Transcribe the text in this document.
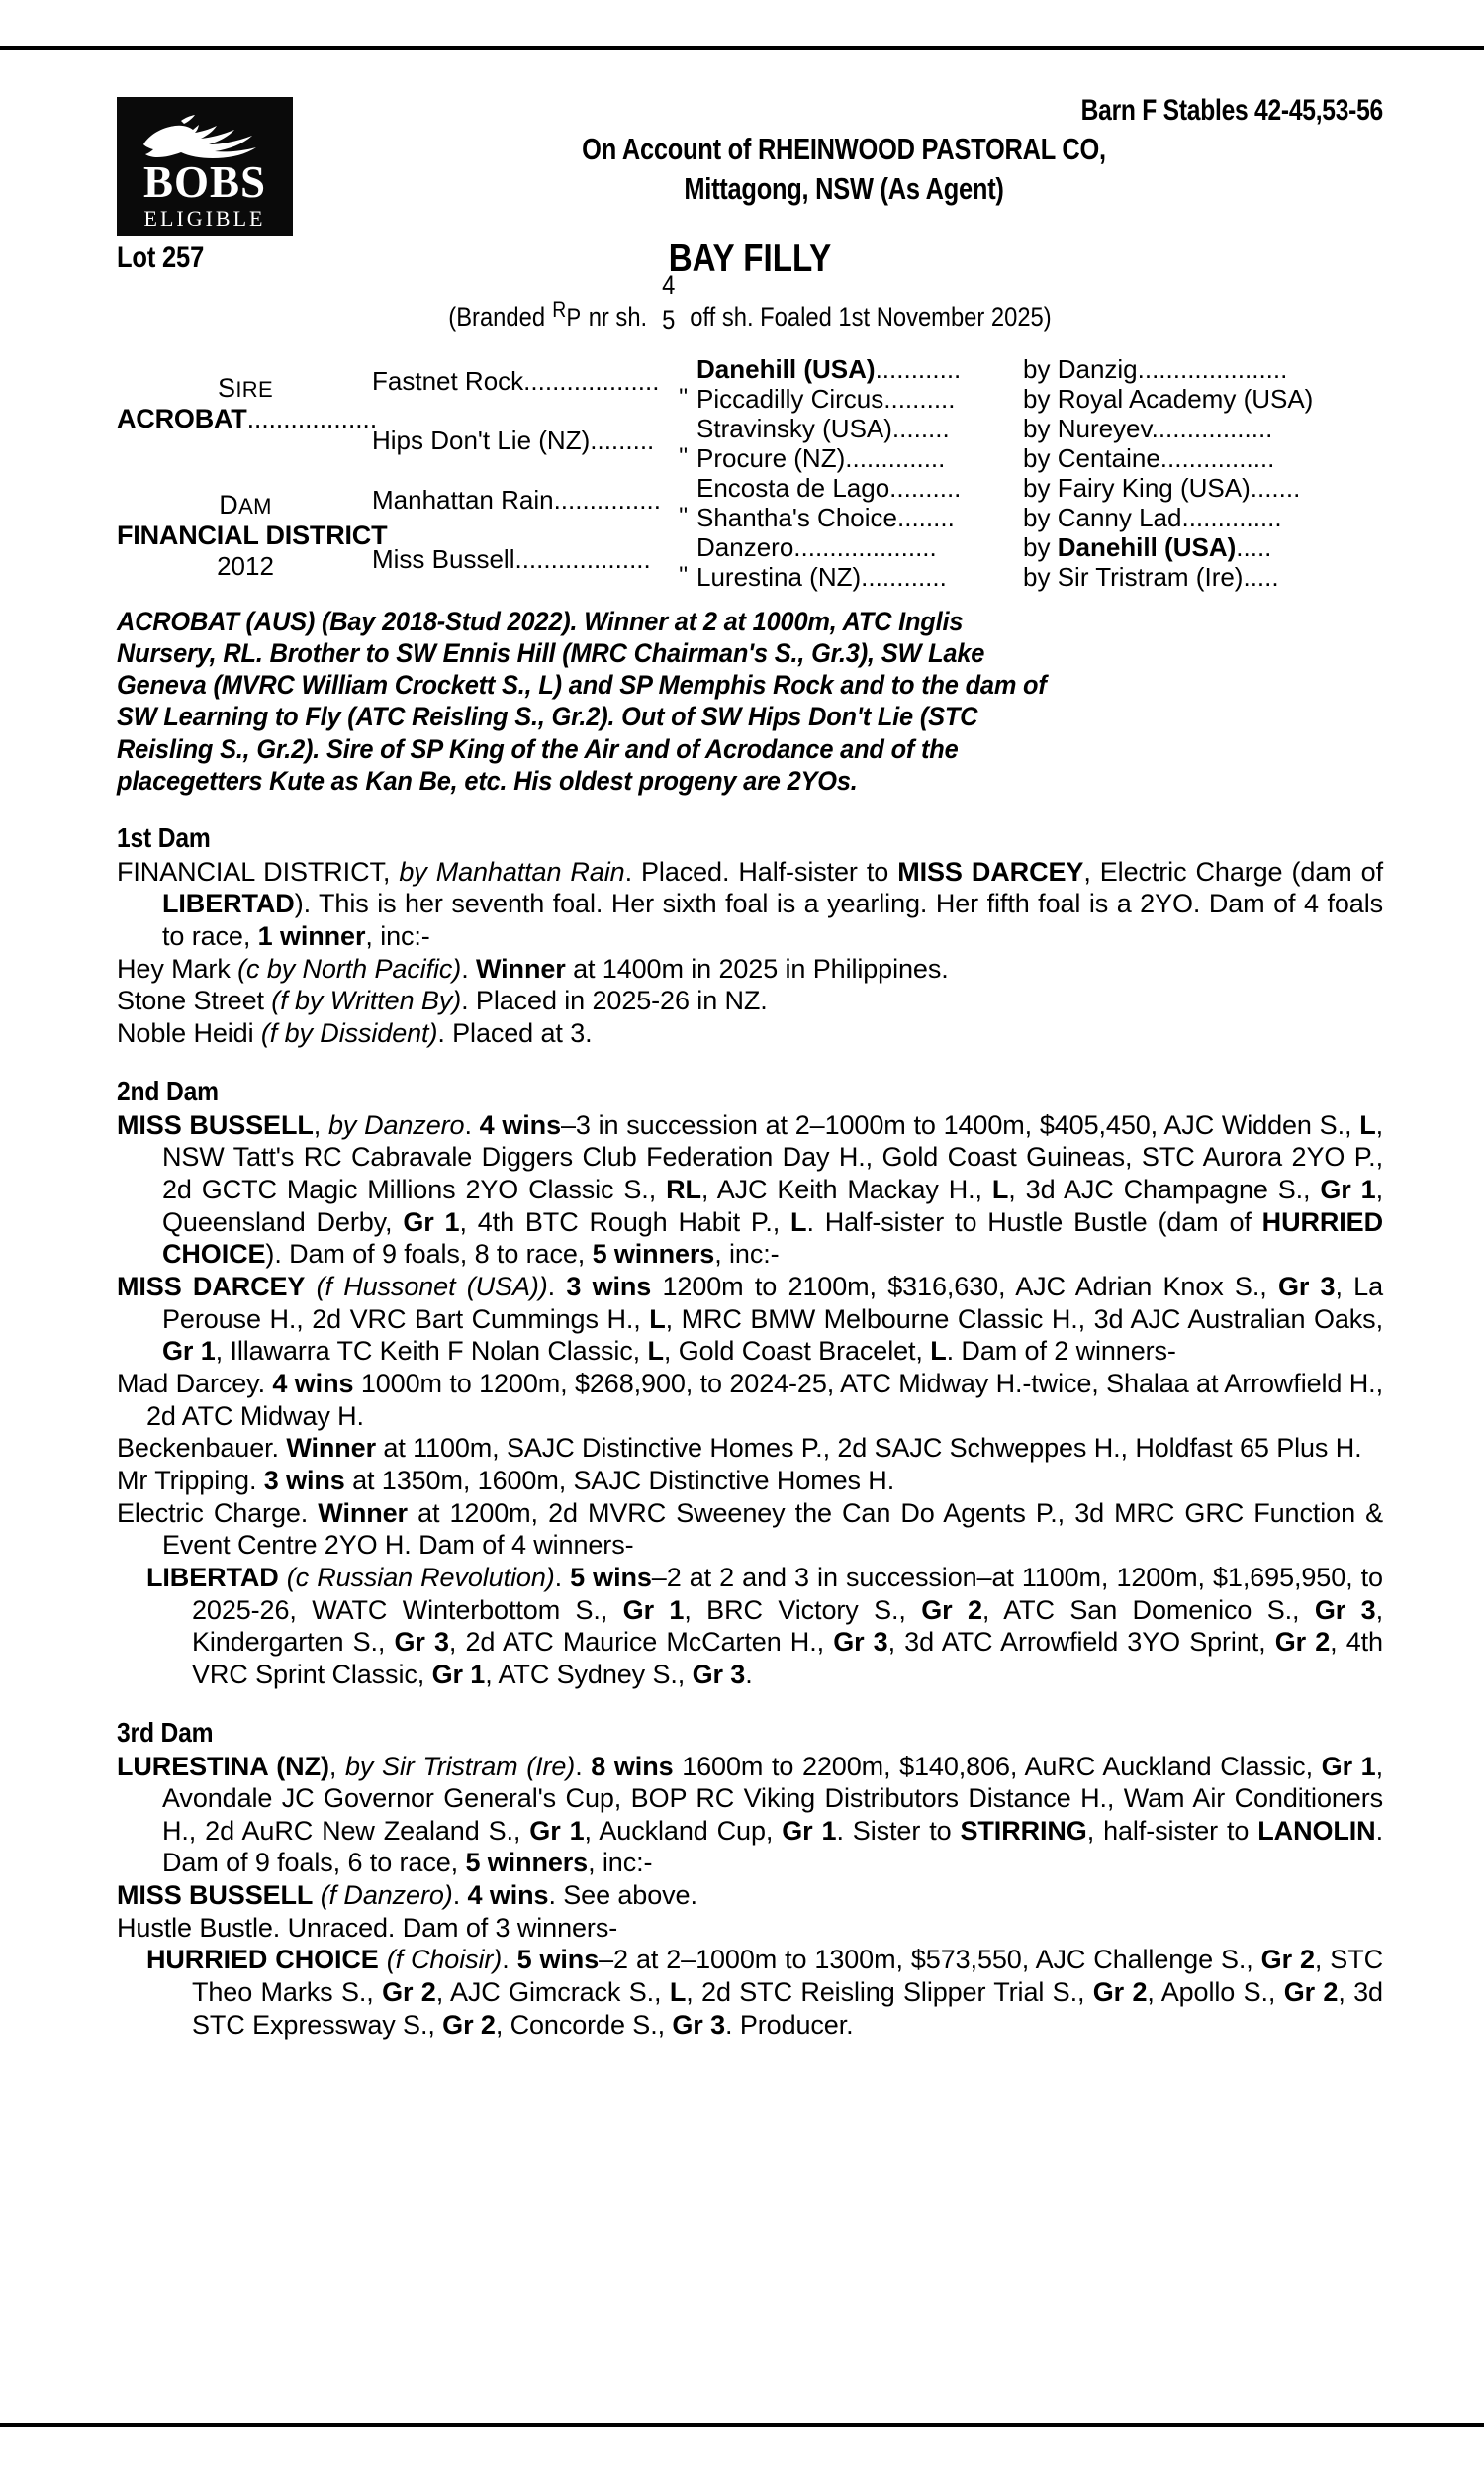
BOBS
ELIGIBLE
Barn F Stables 42-45,53-56
On Account of RHEINWOOD PASTORAL CO,
Mittagong, NSW (As Agent)
Lot 257	BAY FILLY
(Branded ЯP nr sh.
4
5 off sh. Foaled 1st November 2025)
SIRE
ACROBAT..................
DAM
FINANCIAL DISTRICT
2012
Fastnet Rock...................
Hips Don't Lie (NZ).........
Manhattan Rain...............
Miss Bussell...................
Danehill (USA)............
'' Piccadilly Circus..........
Stravinsky (USA)........
'' Procure (NZ)..............
Encosta de Lago..........
'' Shantha's Choice........
Danzero....................
'' Lurestina (NZ)............
by Danzig.....................
by Royal Academy (USA)
by Nureyev.................
by Centaine................
by Fairy King (USA).......
by Canny Lad..............
by Danehill (USA).....
by Sir Tristram (Ire).....
ACROBAT (AUS) (Bay 2018-Stud 2022). Winner at 2 at 1000m, ATC Inglis
Nursery, RL. Brother to SW Ennis Hill (MRC Chairman's S., Gr.3), SW Lake
Geneva (MVRC William Crockett S., L) and SP Memphis Rock and to the dam of
SW Learning to Fly (ATC Reisling S., Gr.2). Out of SW Hips Don't Lie (STC
Reisling S., Gr.2). Sire of SP King of the Air and of Acrodance and of the
placegetters Kute as Kan Be, etc. His oldest progeny are 2YOs.
1st Dam
FINANCIAL DISTRICT, by Manhattan Rain. Placed. Half-sister to MISS DARCEY, Electric Charge (dam of LIBERTAD). This is her seventh foal. Her sixth foal is a yearling. Her fifth foal is a 2YO. Dam of 4 foals to race, 1 winner, inc:-
Hey Mark (c by North Pacific). Winner at 1400m in 2025 in Philippines.
Stone Street (f by Written By). Placed in 2025-26 in NZ.
Noble Heidi (f by Dissident). Placed at 3.
2nd Dam
MISS BUSSELL, by Danzero. 4 wins–3 in succession at 2–1000m to 1400m, $405,450, AJC Widden S., L, NSW Tatt's RC Cabravale Diggers Club Federation Day H., Gold Coast Guineas, STC Aurora 2YO P., 2d GCTC Magic Millions 2YO Classic S., RL, AJC Keith Mackay H., L, 3d AJC Champagne S., Gr 1, Queensland Derby, Gr 1, 4th BTC Rough Habit P., L. Half-sister to Hustle Bustle (dam of HURRIED CHOICE). Dam of 9 foals, 8 to race, 5 winners, inc:-
MISS DARCEY (f Hussonet (USA)). 3 wins 1200m to 2100m, $316,630, AJC Adrian Knox S., Gr 3, La Perouse H., 2d VRC Bart Cummings H., L, MRC BMW Melbourne Classic H., 3d AJC Australian Oaks, Gr 1, Illawarra TC Keith F Nolan Classic, L, Gold Coast Bracelet, L. Dam of 2 winners-
Mad Darcey. 4 wins 1000m to 1200m, $268,900, to 2024-25, ATC Midway H.-twice, Shalaa at Arrowfield H., 2d ATC Midway H.
Beckenbauer. Winner at 1100m, SAJC Distinctive Homes P., 2d SAJC Schweppes H., Holdfast 65 Plus H.
Mr Tripping. 3 wins at 1350m, 1600m, SAJC Distinctive Homes H.
Electric Charge. Winner at 1200m, 2d MVRC Sweeney the Can Do Agents P., 3d MRC GRC Function & Event Centre 2YO H. Dam of 4 winners-
LIBERTAD (c Russian Revolution). 5 wins–2 at 2 and 3 in succession–at 1100m, 1200m, $1,695,950, to 2025-26, WATC Winterbottom S., Gr 1, BRC Victory S., Gr 2, ATC San Domenico S., Gr 3, Kindergarten S., Gr 3, 2d ATC Maurice McCarten H., Gr 3, 3d ATC Arrowfield 3YO Sprint, Gr 2, 4th VRC Sprint Classic, Gr 1, ATC Sydney S., Gr 3.
3rd Dam
LURESTINA (NZ), by Sir Tristram (Ire). 8 wins 1600m to 2200m, $140,806, AuRC Auckland Classic, Gr 1, Avondale JC Governor General's Cup, BOP RC Viking Distributors Distance H., Wam Air Conditioners H., 2d AuRC New Zealand S., Gr 1, Auckland Cup, Gr 1. Sister to STIRRING, half-sister to LANOLIN. Dam of 9 foals, 6 to race, 5 winners, inc:-
MISS BUSSELL (f Danzero). 4 wins. See above.
Hustle Bustle. Unraced. Dam of 3 winners-
HURRIED CHOICE (f Choisir). 5 wins–2 at 2–1000m to 1300m, $573,550, AJC Challenge S., Gr 2, STC Theo Marks S., Gr 2, AJC Gimcrack S., L, 2d STC Reisling Slipper Trial S., Gr 2, Apollo S., Gr 2, 3d STC Expressway S., Gr 2, Concorde S., Gr 3. Producer.
